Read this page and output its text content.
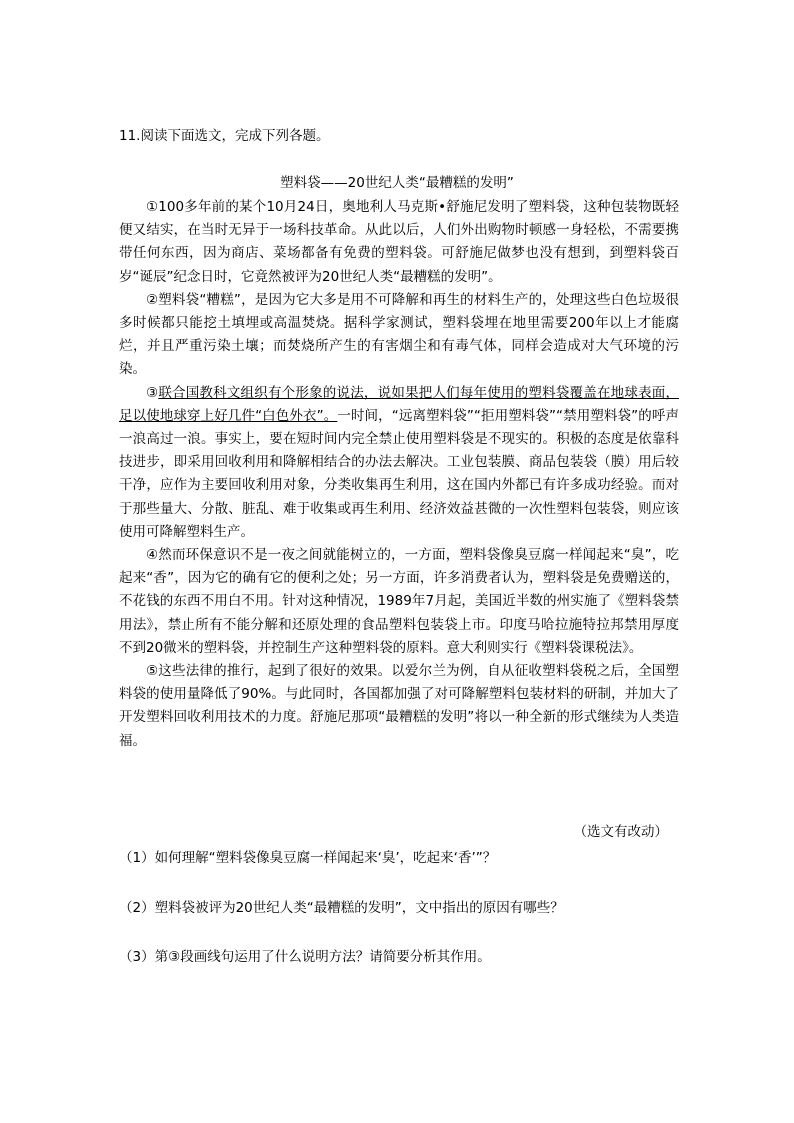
11.阅读下面选文，完成下列各题。
塑料袋——20世纪人类“最糟糕的发明”

①100多年前的某个10月24日，奥地利人马克斯•舒施尼发明了塑料袋，这种包装物既轻便又结实，在当时无异于一场科技革命。从此以后，人们外出购物时顿感一身轻松，不需要携带任何东西，因为商店、菜场都备有免费的塑料袋。可舒施尼做梦也没有想到，到塑料袋百岁“诞辰”纪念日时，它竟然被评为20世纪人类“最糟糕的发明”。

②塑料袋“糟糕”，是因为它大多是用不可降解和再生的材料生产的，处理这些白色垃圾很多时候都只能挖土填埋或高温焚烧。据科学家测试，塑料袋埋在地里需要200年以上才能腐烂，并且严重污染土壤；而焚烧所产生的有害烟尘和有毒气体，同样会造成对大气环境的污染。

③联合国教科文组织有个形象的说法，说如果把人们每年使用的塑料袋覆盖在地球表面，足以使地球穿上好几件“白色外衣”。一时间，“远离塑料袋”“拒用塑料袋”“禁用塑料袋”的呼声一浪高过一浪。事实上，要在短时间内完全禁止使用塑料袋是不现实的。积极的态度是依靠科技进步，即采用回收利用和降解相结合的办法去解决。工业包装膜、商品包装袋（膜）用后较干净，应作为主要回收利用对象，分类收集再生利用，这在国内外都已有许多成功经验。而对于那些量大、分散、脏乱、难于收集或再生利用、经济效益甚微的一次性塑料包装袋，则应该使用可降解塑料生产。

④然而环保意识不是一夜之间就能树立的，一方面，塑料袋像臭豆腐一样闻起来“臭”，吃起来“香”，因为它的确有它的便利之处；另一方面，许多消费者认为，塑料袋是免费赠送的，不花钱的东西不用白不用。针对这种情况，1989年7月起，美国近半数的州实施了《塑料袋禁用法》，禁止所有不能分解和还原处理的食品塑料包装袋上市。印度马哈拉施特拉邦禁用厚度不到20微米的塑料袋，并控制生产这种塑料袋的原料。意大利则实行《塑料袋课税法》。

⑤这些法律的推行，起到了很好的效果。以爱尔兰为例，自从征收塑料袋税之后，全国塑料袋的使用量降低了90%。与此同时，各国都加强了对可降解塑料包装材料的研制，并加大了开发塑料回收利用技术的力度。舒施尼那项“最糟糕的发明”将以一种全新的形式继续为人类造福。

（选文有改动）
（1）如何理解“塑料袋像臭豆腐一样闻起来‘臭’，吃起来‘香’”？
（2）塑料袋被评为20世纪人类“最糟糕的发明”，文中指出的原因有哪些？
（3）第③段画线句运用了什么说明方法？请简要分析其作用。
